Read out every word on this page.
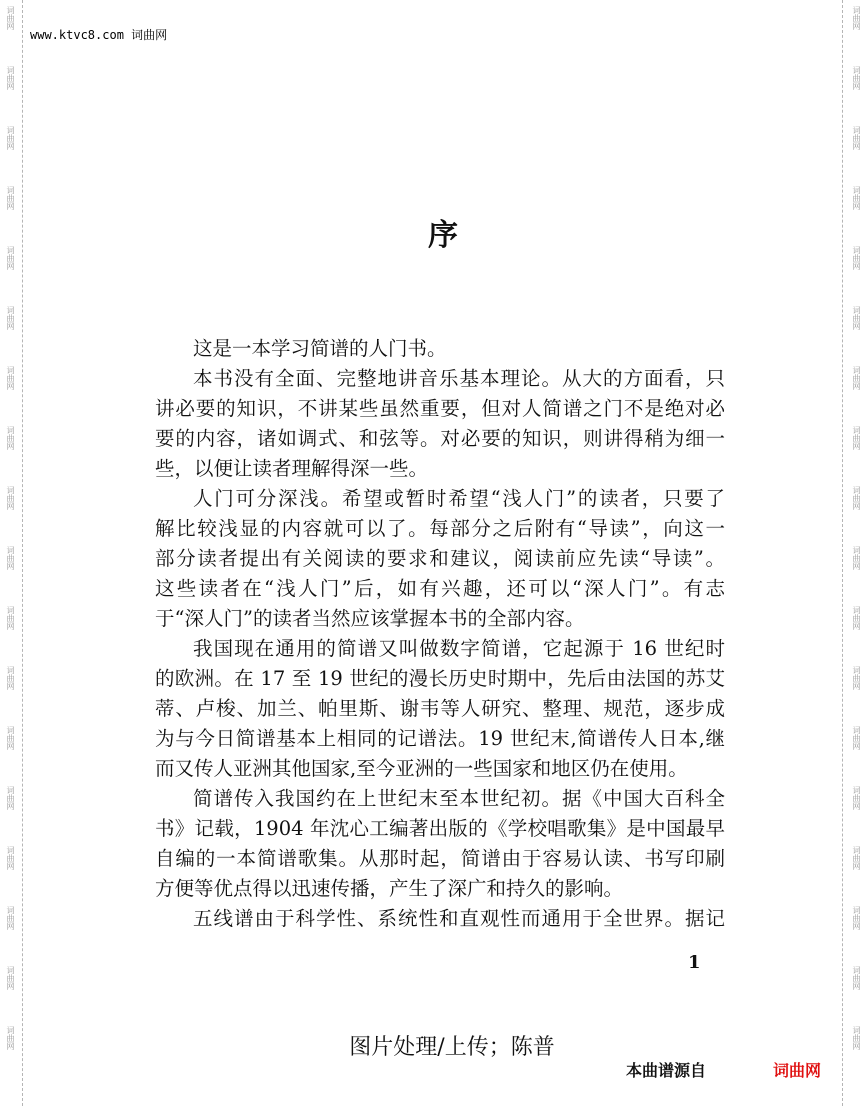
词曲网
词曲网
词曲网
词曲网
词曲网
词曲网
词曲网
词曲网
词曲网
词曲网
词曲网
词曲网
词曲网
词曲网
词曲网
词曲网
词曲网
词曲网
词曲网
词曲网
词曲网
词曲网
词曲网
词曲网
词曲网
词曲网
词曲网
词曲网
词曲网
词曲网
词曲网
词曲网
词曲网
词曲网
词曲网
词曲网
www.ktvc8.com 词曲网
序
这是一本学习简谱的人门书。
本书没有全面、完整地讲音乐基本理论。从大的方面看，只
讲必要的知识，不讲某些虽然重要，但对人简谱之门不是绝对必
要的内容，诸如调式、和弦等。对必要的知识，则讲得稍为细一
些，以便让读者理解得深一些。
人门可分深浅。希望或暂时希望“浅人门”的读者，只要了
解比较浅显的内容就可以了。每部分之后附有“导读”，向这一
部分读者提出有关阅读的要求和建议，阅读前应先读“导读”。
这些读者在“浅人门”后，如有兴趣，还可以“深人门”。有志
于“深人门”的读者当然应该掌握本书的全部内容。
我国现在通用的简谱又叫做数字简谱，它起源于 16 世纪时
的欧洲。在 17 至 19 世纪的漫长历史时期中，先后由法国的苏艾
蒂、卢梭、加兰、帕里斯、谢韦等人研究、整理、规范，逐步成
为与今日简谱基本上相同的记谱法。19 世纪末,简谱传人日本,继
而又传人亚洲其他国家,至今亚洲的一些国家和地区仍在使用。
简谱传入我国约在上世纪末至本世纪初。据《中国大百科全
书》记载，1904 年沈心工编著出版的《学校唱歌集》是中国最早
自编的一本简谱歌集。从那时起，简谱由于容易认读、书写印刷
方便等优点得以迅速传播，产生了深广和持久的影响。
五线谱由于科学性、系统性和直观性而通用于全世界。据记
1
图片处理/上传；陈普
本曲谱源自	词曲网
